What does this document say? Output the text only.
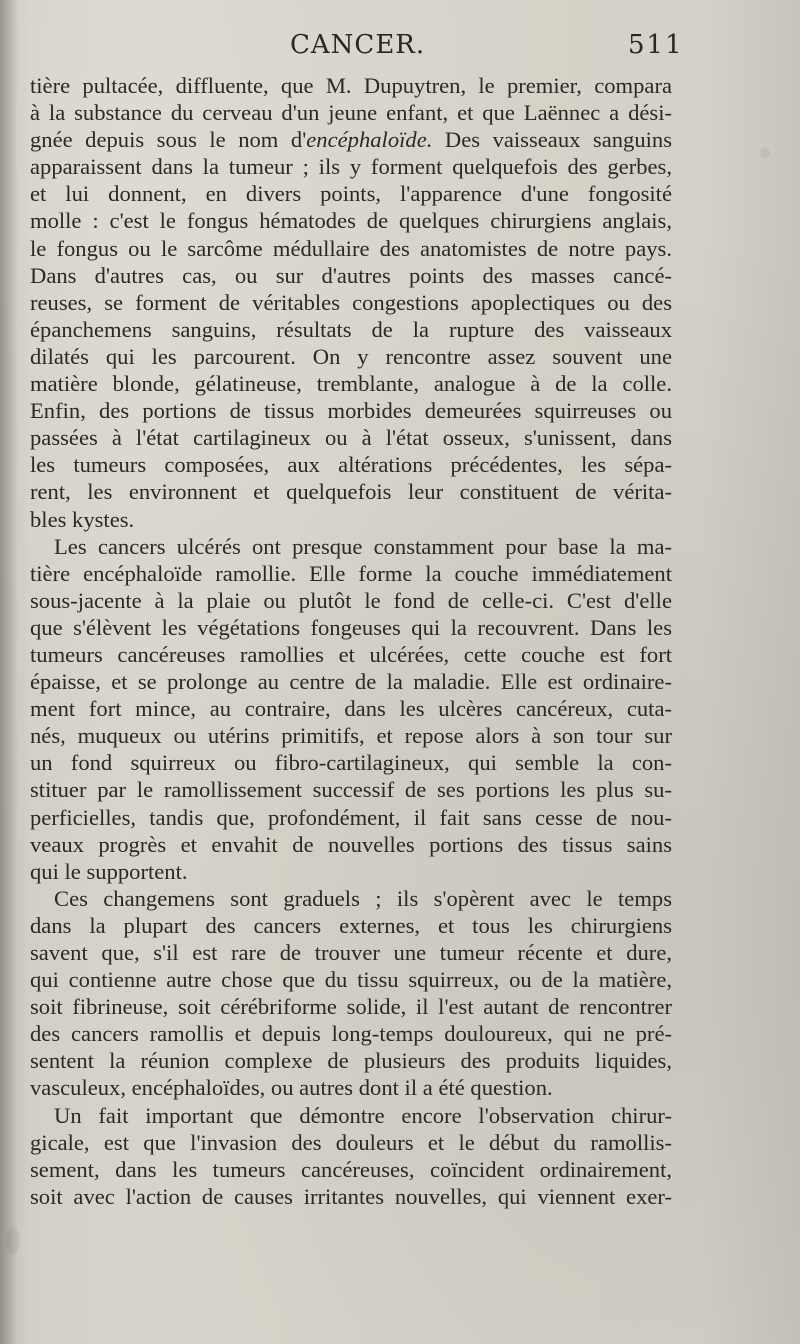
CANCER.	511
tière pultacée, diffluente, que M. Dupuytren, le premier, compara
à la substance du cerveau d'un jeune enfant, et que Laënnec a dési-
gnée depuis sous le nom d'encéphaloïde. Des vaisseaux sanguins
apparaissent dans la tumeur ; ils y forment quelquefois des gerbes,
et lui donnent, en divers points, l'apparence d'une fongosité
molle : c'est le fongus hématodes de quelques chirurgiens anglais,
le fongus ou le sarcôme médullaire des anatomistes de notre pays.
Dans d'autres cas, ou sur d'autres points des masses cancé-
reuses, se forment de véritables congestions apoplectiques ou des
épanchemens sanguins, résultats de la rupture des vaisseaux
dilatés qui les parcourent. On y rencontre assez souvent une
matière blonde, gélatineuse, tremblante, analogue à de la colle.
Enfin, des portions de tissus morbides demeurées squirreuses ou
passées à l'état cartilagineux ou à l'état osseux, s'unissent, dans
les tumeurs composées, aux altérations précédentes, les sépa-
rent, les environnent et quelquefois leur constituent de vérita-
bles kystes.
Les cancers ulcérés ont presque constamment pour base la ma-
tière encéphaloïde ramollie. Elle forme la couche immédiatement
sous-jacente à la plaie ou plutôt le fond de celle-ci. C'est d'elle
que s'élèvent les végétations fongeuses qui la recouvrent. Dans les
tumeurs cancéreuses ramollies et ulcérées, cette couche est fort
épaisse, et se prolonge au centre de la maladie. Elle est ordinaire-
ment fort mince, au contraire, dans les ulcères cancéreux, cuta-
nés, muqueux ou utérins primitifs, et repose alors à son tour sur
un fond squirreux ou fibro-cartilagineux, qui semble la con-
stituer par le ramollissement successif de ses portions les plus su-
perficielles, tandis que, profondément, il fait sans cesse de nou-
veaux progrès et envahit de nouvelles portions des tissus sains
qui le supportent.
Ces changemens sont graduels ; ils s'opèrent avec le temps
dans la plupart des cancers externes, et tous les chirurgiens
savent que, s'il est rare de trouver une tumeur récente et dure,
qui contienne autre chose que du tissu squirreux, ou de la matière,
soit fibrineuse, soit cérébriforme solide, il l'est autant de rencontrer
des cancers ramollis et depuis long-temps douloureux, qui ne pré-
sentent la réunion complexe de plusieurs des produits liquides,
vasculeux, encéphaloïdes, ou autres dont il a été question.
Un fait important que démontre encore l'observation chirur-
gicale, est que l'invasion des douleurs et le début du ramollis-
sement, dans les tumeurs cancéreuses, coïncident ordinairement,
soit avec l'action de causes irritantes nouvelles, qui viennent exer-
